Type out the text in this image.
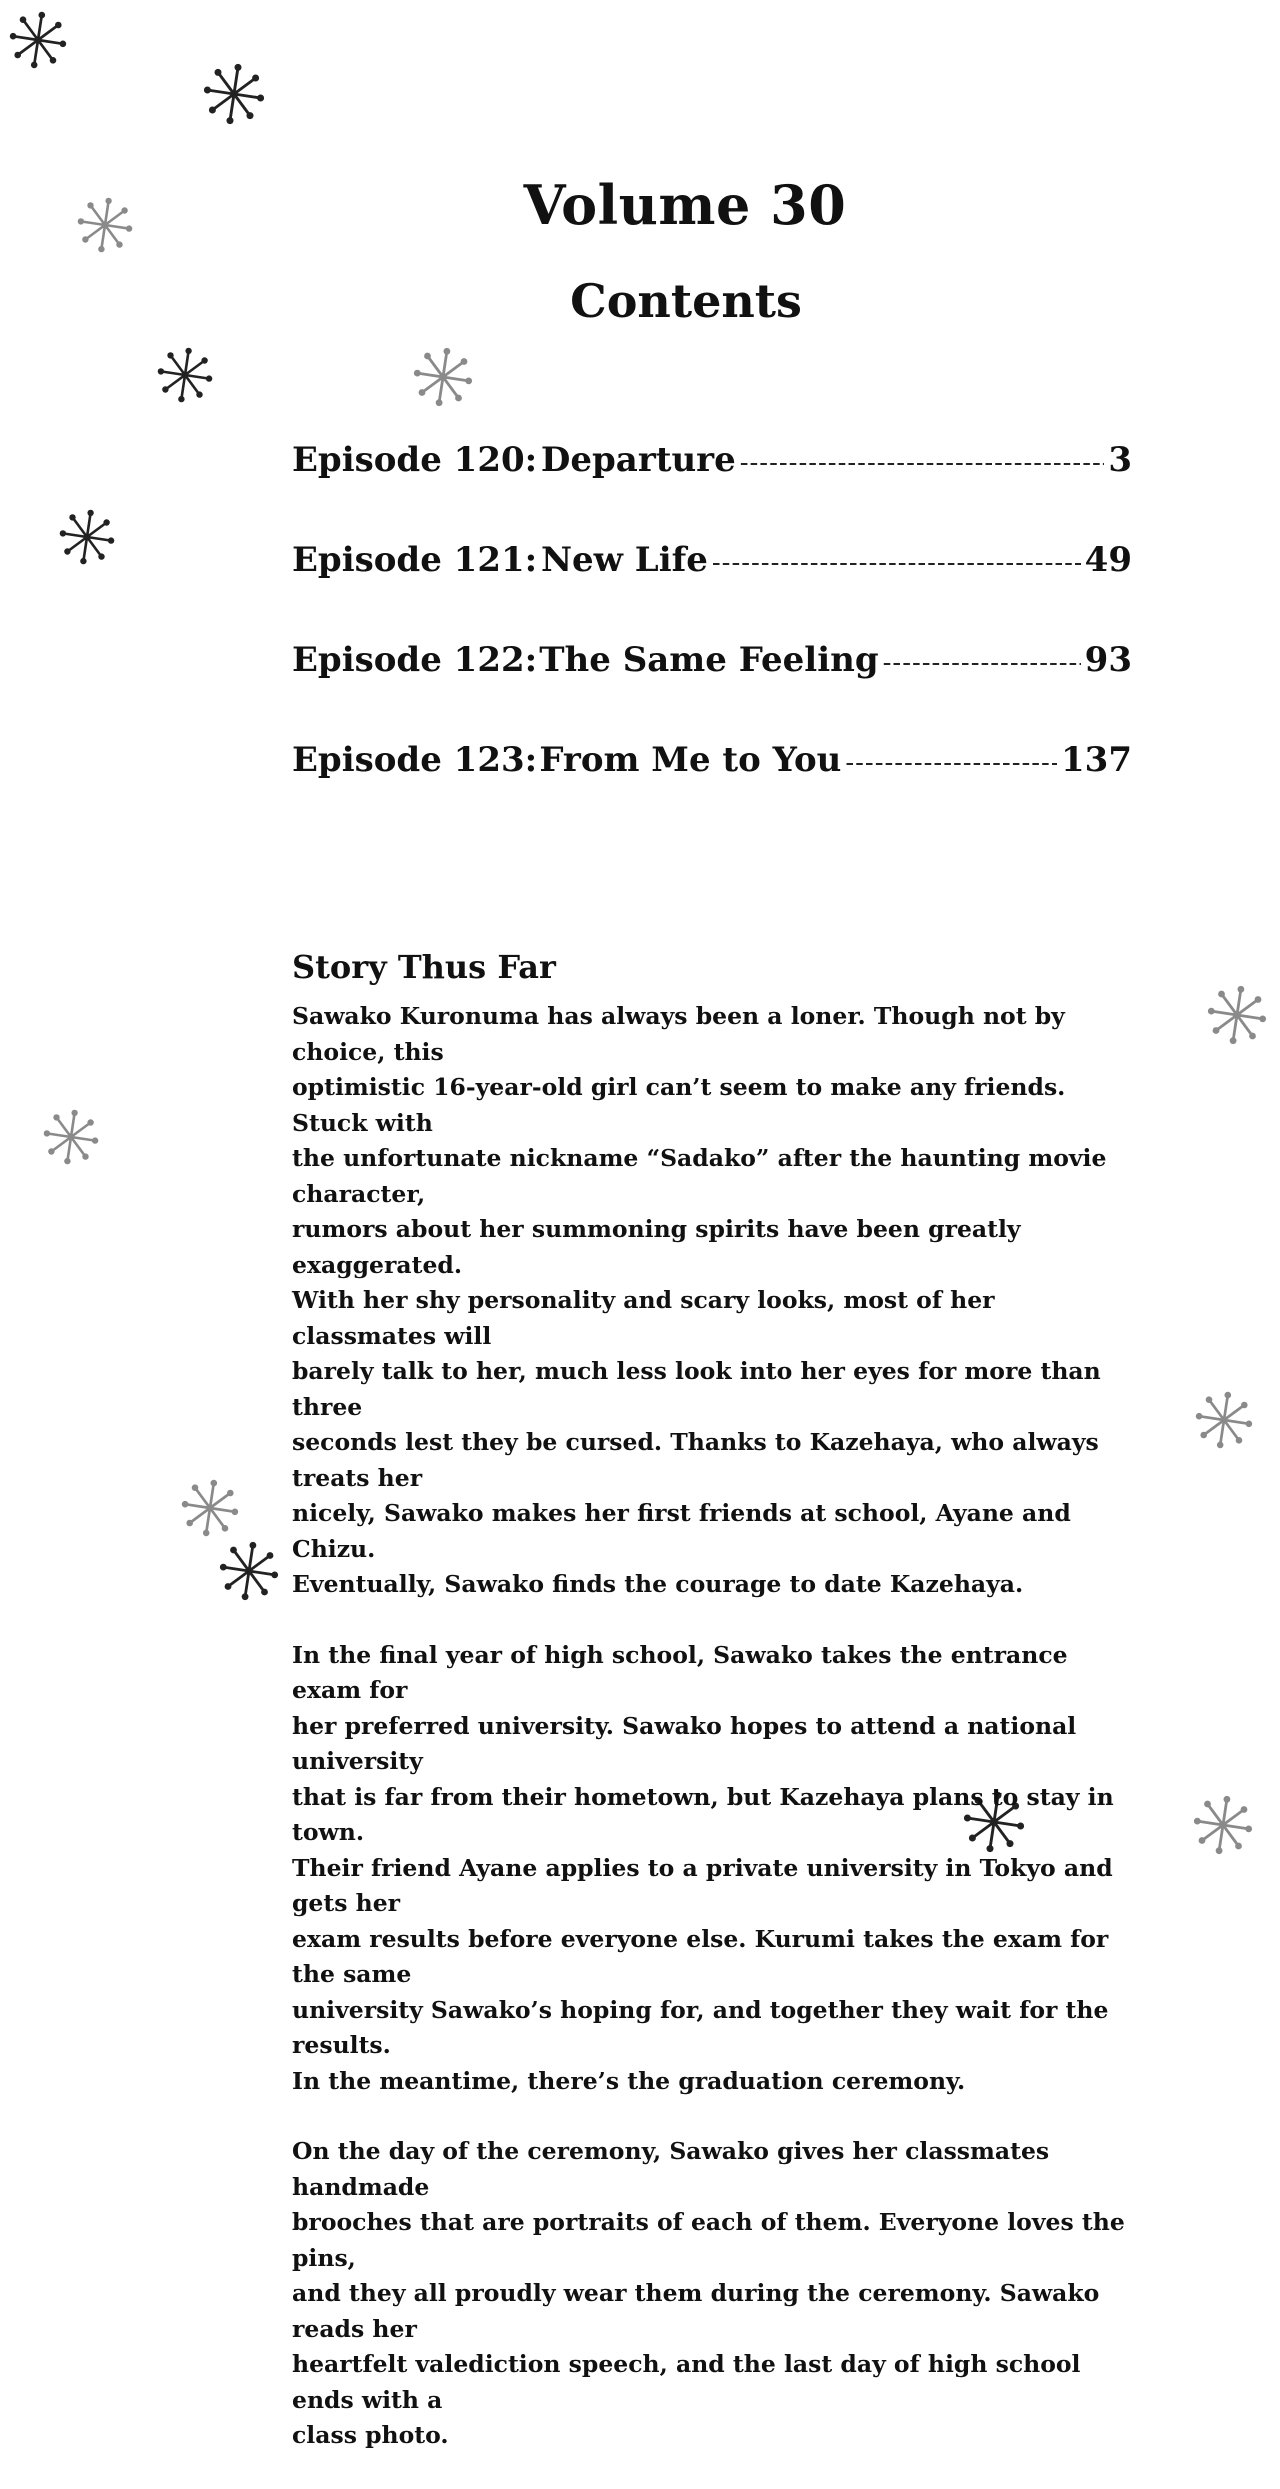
Volume 30
Contents
Episode 120: Departure -----	3
Episode 121: New Life -----	49
Episode 122: The Same Feeling -----	93
Episode 123: From Me to You -----	137
Story Thus Far

Sawako Kuronuma has always been a loner. Though not by choice, this
optimistic 16-year-old girl can’t seem to make any friends. Stuck with
the unfortunate nickname “Sadako” after the haunting movie character,
rumors about her summoning spirits have been greatly exaggerated.
With her shy personality and scary looks, most of her classmates will
barely talk to her, much less look into her eyes for more than three
seconds lest they be cursed. Thanks to Kazehaya, who always treats her
nicely, Sawako makes her first friends at school, Ayane and Chizu.
Eventually, Sawako finds the courage to date Kazehaya.

In the final year of high school, Sawako takes the entrance exam for
her preferred university. Sawako hopes to attend a national university
that is far from their hometown, but Kazehaya plans to stay in town.
Their friend Ayane applies to a private university in Tokyo and gets her
exam results before everyone else. Kurumi takes the exam for the same
university Sawako’s hoping for, and together they wait for the results.
In the meantime, there’s the graduation ceremony.

On the day of the ceremony, Sawako gives her classmates handmade
brooches that are portraits of each of them. Everyone loves the pins,
and they all proudly wear them during the ceremony. Sawako reads her
heartfelt valediction speech, and the last day of high school ends with a
class photo.
